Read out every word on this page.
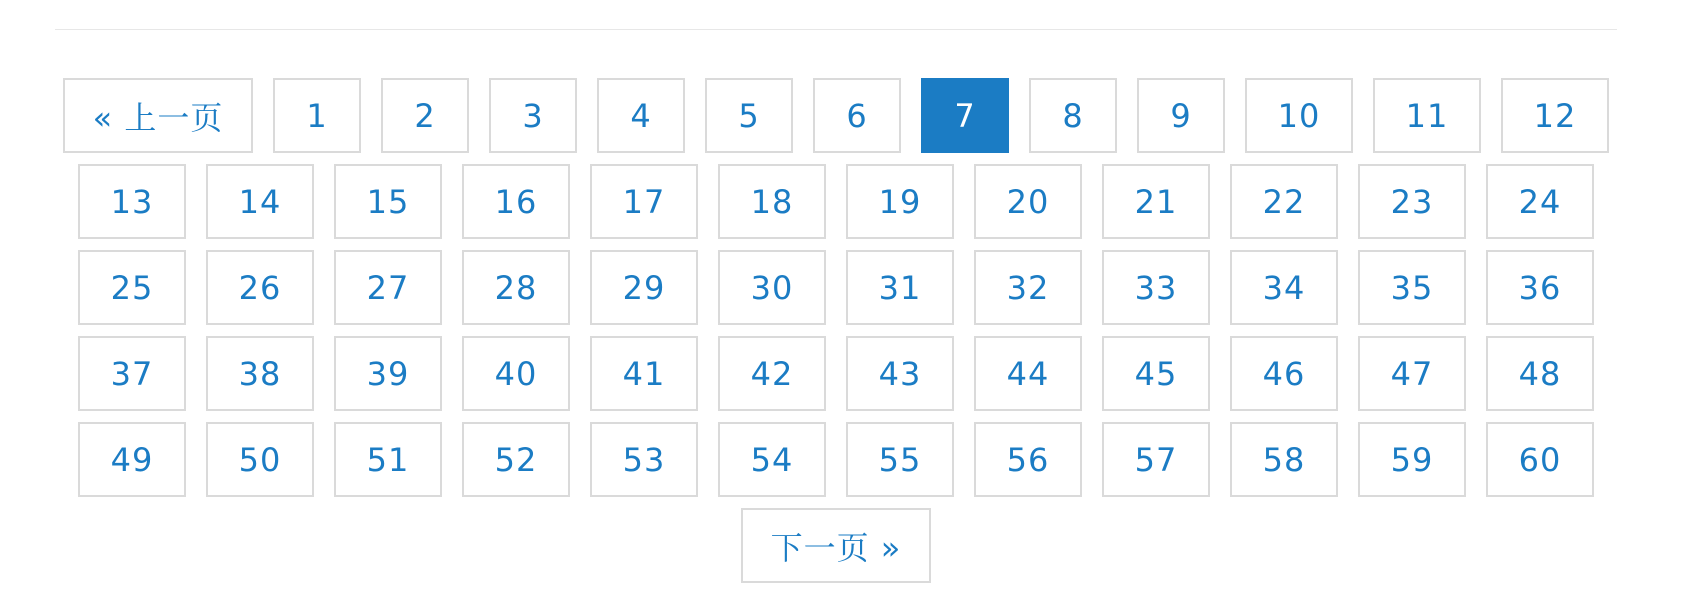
« 上一页	1	2	3	4	5	6	7	8	9	10	11	12
13	14	15	16	17	18	19	20	21	22	23	24
25	26	27	28	29	30	31	32	33	34	35	36
37	38	39	40	41	42	43	44	45	46	47	48
49	50	51	52	53	54	55	56	57	58	59	60
下一页 »
